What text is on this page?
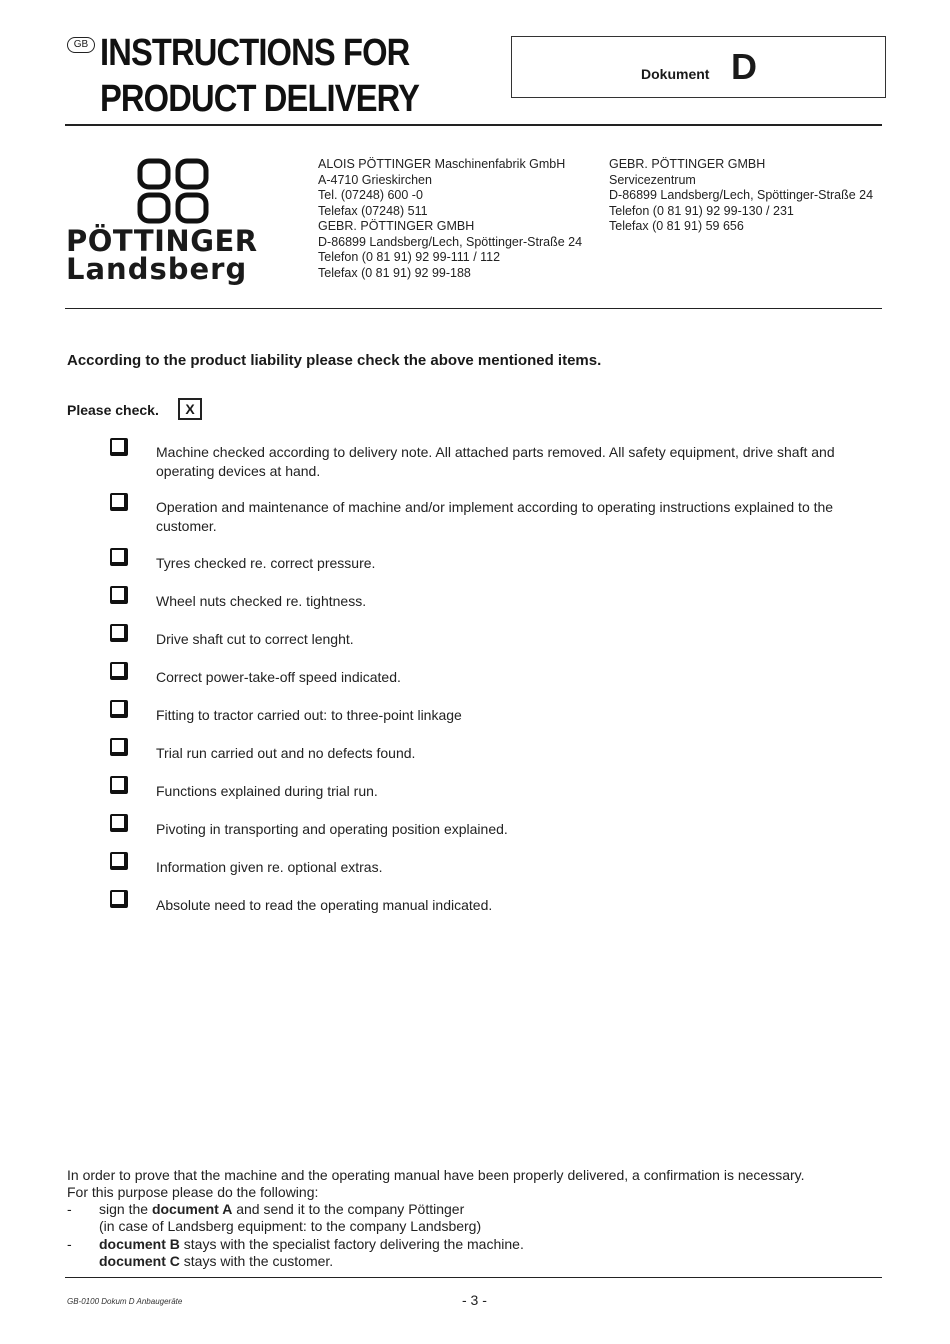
GB INSTRUCTIONS FOR
PRODUCT DELIVERY
Dokument D
PÖTTINGER
Landsberg
ALOIS PÖTTINGER Maschinenfabrik GmbH
A-4710 Grieskirchen
Tel. (07248) 600 -0
Telefax (07248) 511
GEBR. PÖTTINGER GMBH
D-86899 Landsberg/Lech, Spöttinger-Straße 24
Telefon (0 81 91) 92 99-111 / 112
Telefax (0 81 91) 92 99-188
GEBR. PÖTTINGER GMBH
Servicezentrum
D-86899 Landsberg/Lech, Spöttinger-Straße 24
Telefon (0 81 91) 92 99-130 / 231
Telefax (0 81 91) 59 656
According to the product liability please check the above mentioned items.
Please check.	X
Machine checked according to delivery note. All attached parts removed. All safety equipment, drive shaft and
operating devices at hand.
Operation and maintenance of machine and/or implement according to operating instructions explained to the
customer.
Tyres checked re. correct pressure.
Wheel nuts checked re. tightness.
Drive shaft cut to correct lenght.
Correct power-take-off speed indicated.
Fitting to tractor carried out: to three-point linkage
Trial run carried out and no defects found.
Functions explained during trial run.
Pivoting in transporting and operating position explained.
Information given re. optional extras.
Absolute need to read the operating manual indicated.
In order to prove that the machine and the operating manual have been properly delivered, a confirmation is necessary.
For this purpose please do the following:
- sign the document A and send it to the company Pöttinger
(in case of Landsberg equipment: to the company Landsberg)
- document B stays with the specialist factory delivering the machine.
document C stays with the customer.
GB-0100 Dokum D Anbaugeräte	- 3 -
